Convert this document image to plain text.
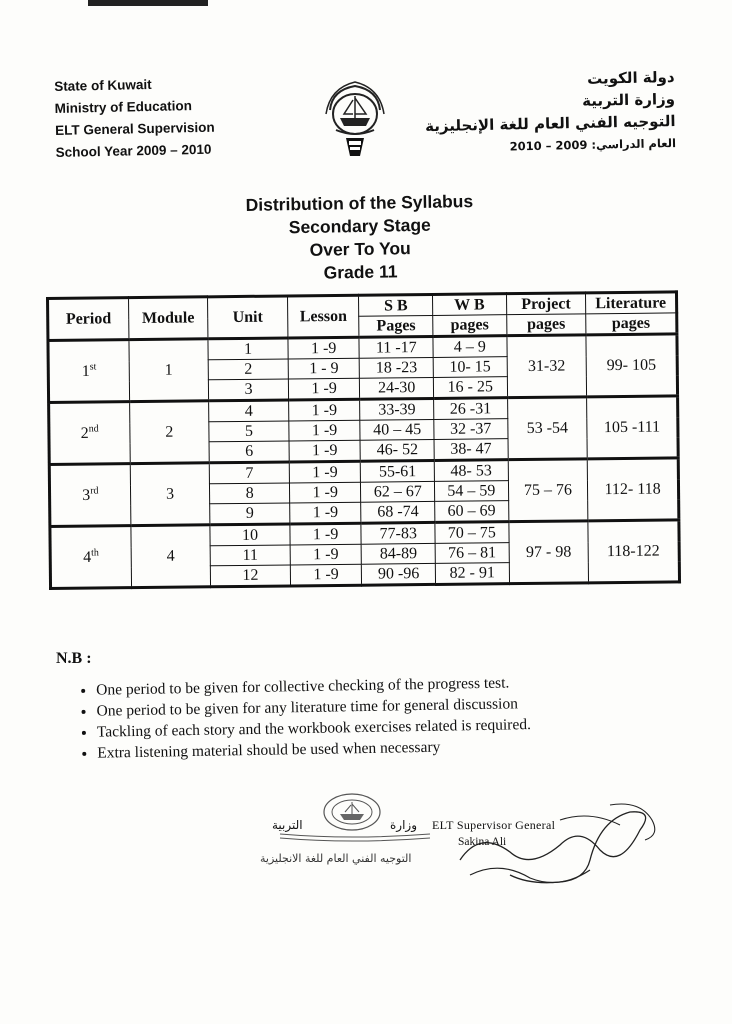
State of Kuwait
Ministry of Education
ELT General Supervision
School Year 2009 – 2010
دولة الكويت
وزارة التربية
التوجيه الفني العام للغة الإنجليزية
العام الدراسي: 2009 – 2010
Distribution of the Syllabus
Secondary Stage
Over To You
Grade 11
Period	Module	Unit	Lesson	S B	W B	Project	Literature
				Pages	pages	pages	pages
1st	1	1	1 -9	11 -17	4 – 9	31-32	99- 105
		2	1 - 9	18 -23	10- 15		
		3	1 -9	24-30	16 - 25		
2nd	2	4	1 -9	33-39	26 -31	53 -54	105 -111
		5	1 -9	40 – 45	32 -37		
		6	1 -9	46- 52	38- 47		
3rd	3	7	1 -9	55-61	48- 53	75 – 76	112- 118
		8	1 -9	62 – 67	54 – 59		
		9	1 -9	68 -74	60 – 69		
4th	4	10	1 -9	77-83	70 – 75	97 - 98	118-122
		11	1 -9	84-89	76 – 81		
		12	1 -9	90 -96	82 - 91		
N.B :
• One period to be given for collective checking of the progress test.
• One period to be given for any literature time for general discussion
• Tackling of each story and the workbook exercises related is required.
• Extra listening material should be used when necessary
التربية	وزارة
التوجيه الفني العام للغة الانجليزية
ELT Supervisor General
Sakina Ali
